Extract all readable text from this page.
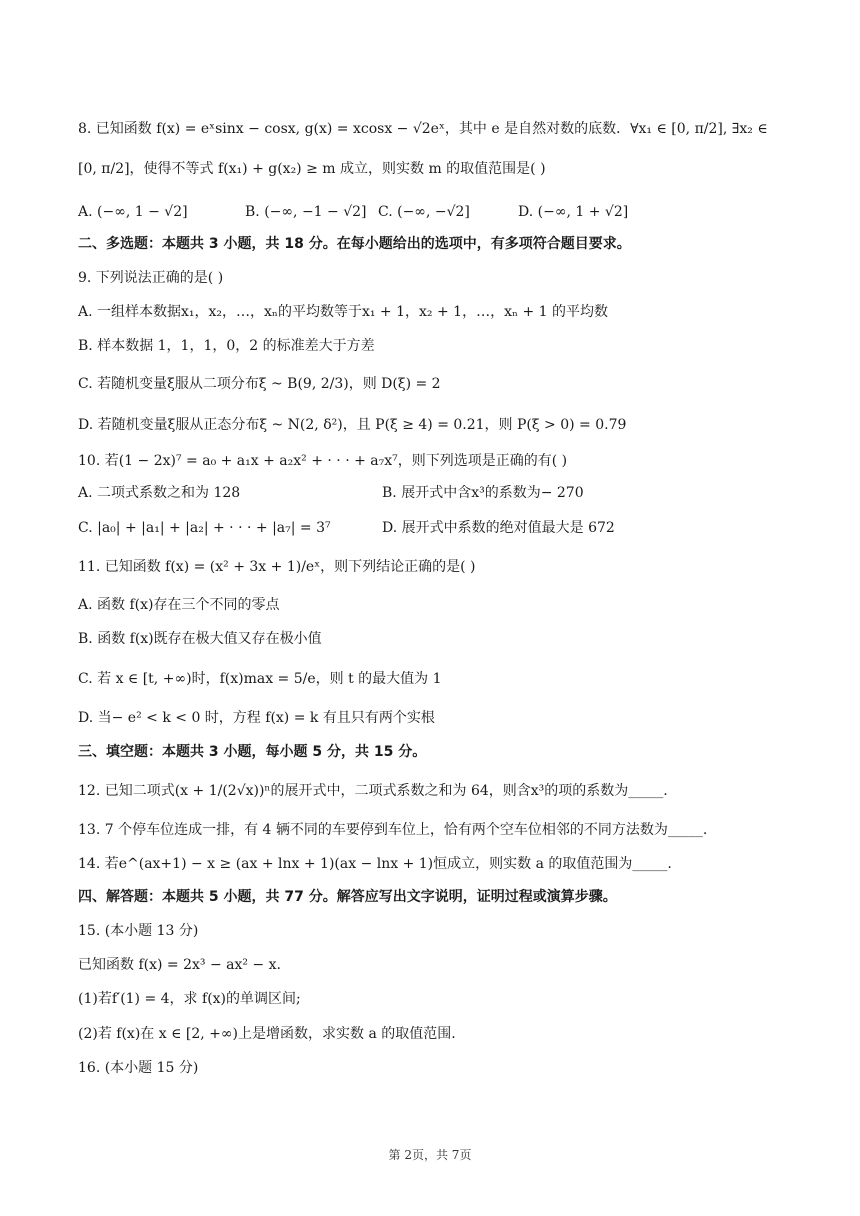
8. 已知函数 f(x) = eˣsinx − cosx, g(x) = xcosx − √2eˣ，其中 e 是自然对数的底数．∀x₁ ∈ [0, π/2], ∃x₂ ∈
[0, π/2]，使得不等式 f(x₁) + g(x₂) ≥ m 成立，则实数 m 的取值范围是( )
A. (−∞, 1 − √2]	B. (−∞, −1 − √2] C. (−∞, −√2]	D. (−∞, 1 + √2]
二、多选题：本题共 3 小题，共 18 分。在每小题给出的选项中，有多项符合题目要求。
9. 下列说法正确的是( )
A. 一组样本数据x₁，x₂，…，xₙ的平均数等于x₁ + 1，x₂ + 1，…，xₙ + 1 的平均数
B. 样本数据 1，1，1，0，2 的标准差大于方差
C. 若随机变量ξ服从二项分布ξ ~ B(9, 2/3)，则 D(ξ) = 2
D. 若随机变量ξ服从正态分布ξ ~ N(2, δ²)，且 P(ξ ≥ 4) = 0.21，则 P(ξ > 0) = 0.79
10. 若(1 − 2x)⁷ = a₀ + a₁x + a₂x² + · · · + a₇x⁷，则下列选项是正确的有( )
A. 二项式系数之和为 128	B. 展开式中含x³的系数为− 270
C. |a₀| + |a₁| + |a₂| + · · · + |a₇| = 3⁷	D. 展开式中系数的绝对值最大是 672
11. 已知函数 f(x) = (x² + 3x + 1)/eˣ，则下列结论正确的是( )
A. 函数 f(x)存在三个不同的零点
B. 函数 f(x)既存在极大值又存在极小值
C. 若 x ∈ [t, +∞)时，f(x)max = 5/e，则 t 的最大值为 1
D. 当− e² < k < 0 时，方程 f(x) = k 有且只有两个实根
三、填空题：本题共 3 小题，每小题 5 分，共 15 分。
12. 已知二项式(x + 1/(2√x))ⁿ的展开式中，二项式系数之和为 64，则含x³的项的系数为_____.
13. 7 个停车位连成一排，有 4 辆不同的车要停到车位上，恰有两个空车位相邻的不同方法数为_____.
14. 若e^(ax+1) − x ≥ (ax + lnx + 1)(ax − lnx + 1)恒成立，则实数 a 的取值范围为_____.
四、解答题：本题共 5 小题，共 77 分。解答应写出文字说明，证明过程或演算步骤。
15. (本小题 13 分)
已知函数 f(x) = 2x³ − ax² − x.
(1)若f′(1) = 4，求 f(x)的单调区间;
(2)若 f(x)在 x ∈ [2, +∞)上是增函数，求实数 a 的取值范围.
16. (本小题 15 分)
第 2页，共 7页
